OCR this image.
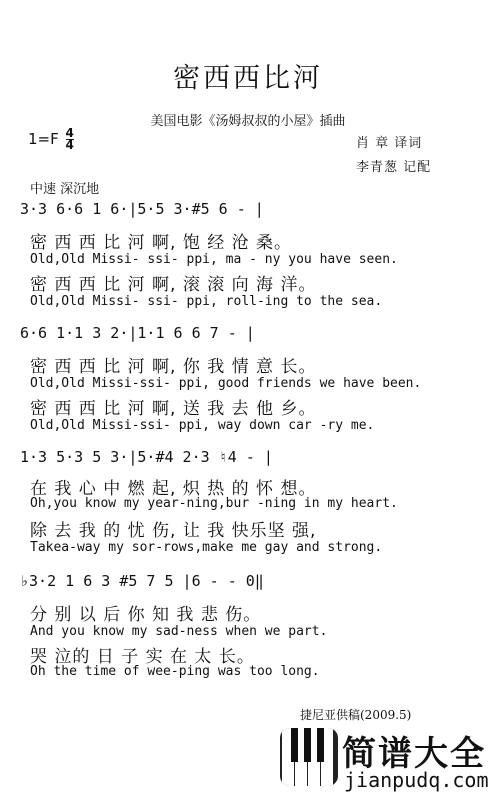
密西西比河
美国电影《汤姆叔叔的小屋》插曲
$1=F \frac{4}{4}$	肖 章 译词
李青葱 记配
中速 深沉地
3·3 6·6 1 6·|5·5 3·#5 6 - |
密 西 西 比 河 啊, 饱 经 沧 桑。
Old,Old Missi- ssi- ppi, ma - ny you have seen.
密 西 西 比 河 啊, 滚 滚 向 海 洋。
Old,Old Missi- ssi- ppi, roll-ing to the sea.
6·6 1·1 3 2·|1·1 6 6 7 - |
密 西 西 比 河 啊, 你 我 情 意 长。
Old,Old Missi-ssi- ppi, good friends we have been.
密 西 西 比 河 啊, 送 我 去 他 乡。
Old,Old Missi-ssi- ppi, way down car -ry me.
1·3 5·3 5 3·|5·#4 2·3 ♮4 - |
在 我 心 中 燃 起, 炽 热 的 怀 想。
Oh,you know my year-ning,bur -ning in my heart.
除 去 我 的 忧 伤, 让 我 快乐坚 强,
Takea-way my sor-rows,make me gay and strong.
♭3·2 1 6 3 #5 7 5 |6 - - 0‖
分 别 以 后 你 知 我 悲 伤。
And you know my sad-ness when we part.
哭 泣的 日 子 实 在 太 长。
Oh the time of wee-ping was too long.
捷尼亚供稿(2009.5)
简谱大全
jianpudq.com
